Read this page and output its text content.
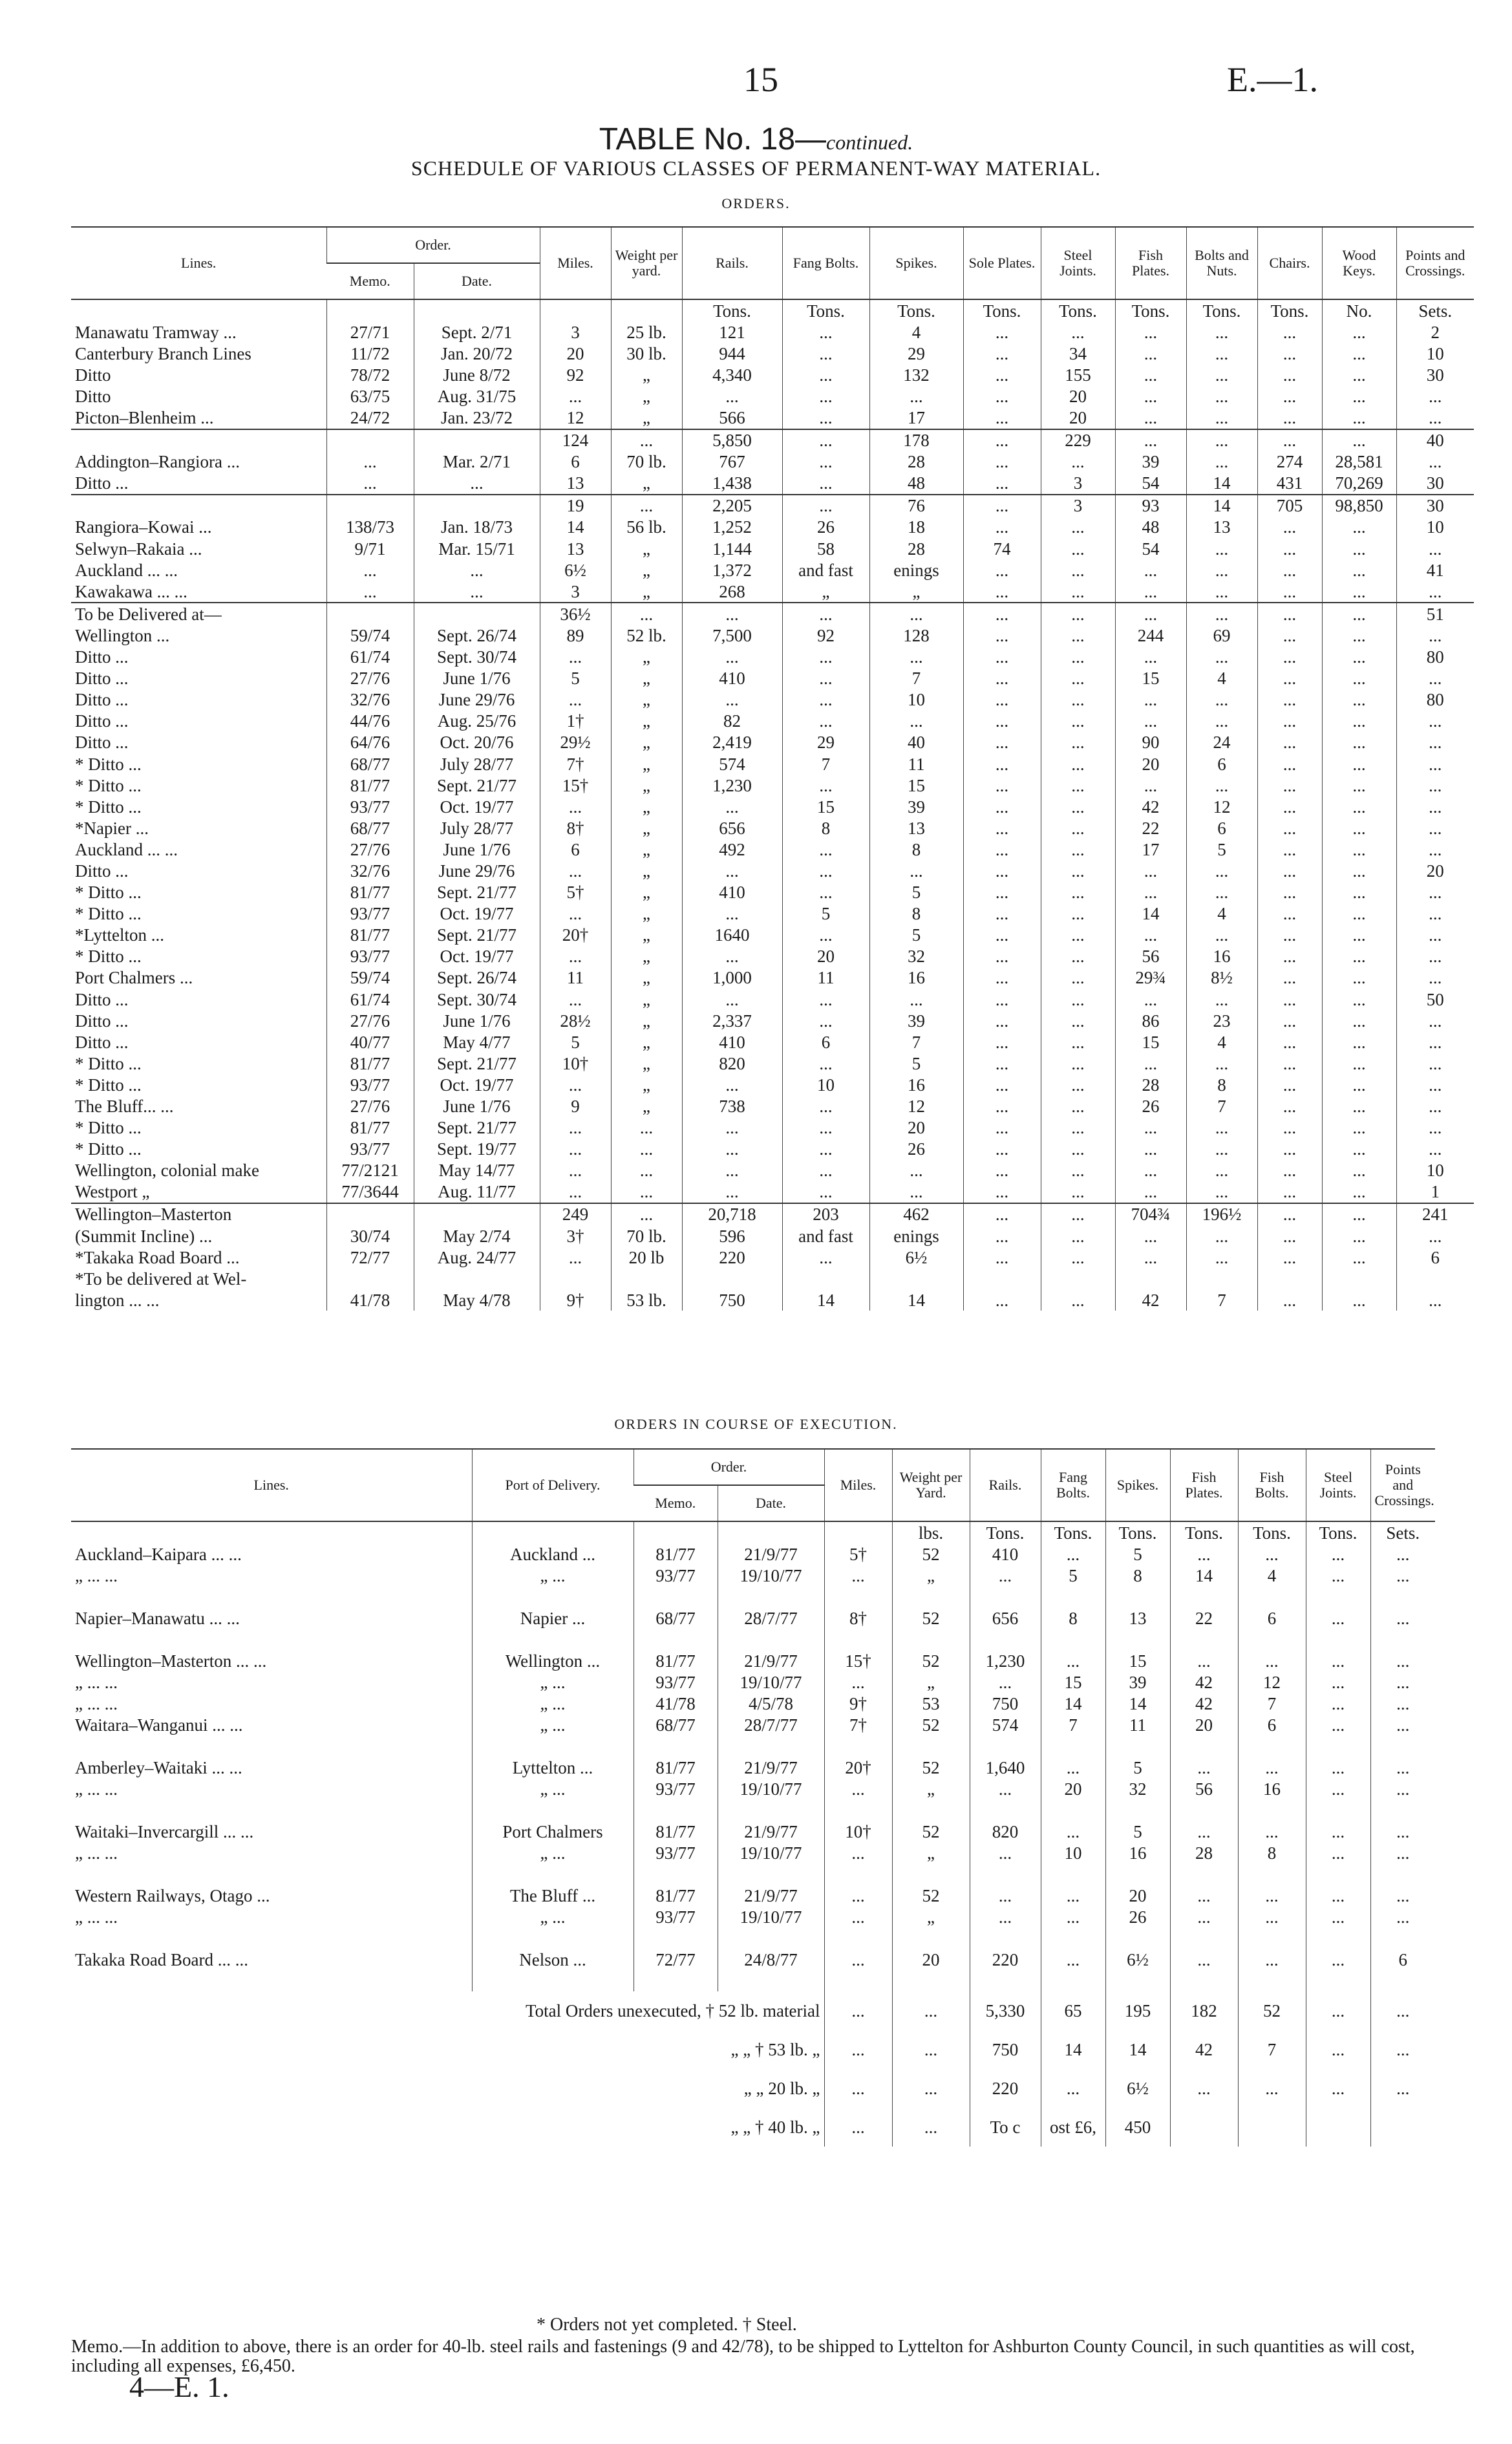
15	E.—1.
TABLE No. 18—continued.
SCHEDULE OF VARIOUS CLASSES OF PERMANENT-WAY MATERIAL.
ORDERS.
Lines.	Order.		Miles.	Weight per yard.	Rails.	Fang Bolts.	Spikes.	Sole Plates.	Steel Joints.	Fish Plates.	Bolts and Nuts.	Chairs.	Wood Keys.	Points and Crossings.
	Memo.	Date.												
					Tons.	Tons.	Tons.	Tons.	Tons.	Tons.	Tons.	Tons.	No.	Sets.
Manawatu Tramway ...	27/71	Sept. 2/71	3	25 lb.	121	...	4	...	...	...	...	...	...	2
Canterbury Branch Lines	11/72	Jan. 20/72	20	30 lb.	944	...	29	...	34	...	...	...	...	10
Ditto	78/72	June 8/72	92	„	4,340	...	132	...	155	...	...	...	...	30
Ditto	63/75	Aug. 31/75	...	„	...	...	...	...	20	...	...	...	...	...
Picton–Blenheim ...	24/72	Jan. 23/72	12	„	566	...	17	...	20	...	...	...	...	...
			124	...	5,850	...	178	...	229	...	...	...	...	40
Addington–Rangiora ...	...	Mar. 2/71	6	70 lb.	767	...	28	...	...	39	...	274	28,581	...
Ditto ...	...	...	13	„	1,438	...	48	...	3	54	14	431	70,269	30
			19	...	2,205	...	76	...	3	93	14	705	98,850	30
Rangiora–Kowai ...	138/73	Jan. 18/73	14	56 lb.	1,252	26	18	...	...	48	13	...	...	10
Selwyn–Rakaia ...	9/71	Mar. 15/71	13	„	1,144	58	28	74	...	54	...	...	...	...
Auckland ... ...	...	...	6½	„	1,372	and fast	enings	...	...	...	...	...	...	41
Kawakawa ... ...	...	...	3	„	268	„	„	...	...	...	...	...	...	...
To be Delivered at—			36½	...	...	...	...	...	...	...	...	...	...	51
Wellington ...	59/74	Sept. 26/74	89	52 lb.	7,500	92	128	...	...	244	69	...	...	...
Ditto ...	61/74	Sept. 30/74	...	„	...	...	...	...	...	...	...	...	...	80
Ditto ...	27/76	June 1/76	5	„	410	...	7	...	...	15	4	...	...	...
Ditto ...	32/76	June 29/76	...	„	...	...	10	...	...	...	...	...	...	80
Ditto ...	44/76	Aug. 25/76	1†	„	82	...	...	...	...	...	...	...	...	...
Ditto ...	64/76	Oct. 20/76	29½	„	2,419	29	40	...	...	90	24	...	...	...
* Ditto ...	68/77	July 28/77	7†	„	574	7	11	...	...	20	6	...	...	...
* Ditto ...	81/77	Sept. 21/77	15†	„	1,230	...	15	...	...	...	...	...	...	...
* Ditto ...	93/77	Oct. 19/77	...	„	...	15	39	...	...	42	12	...	...	...
*Napier ...	68/77	July 28/77	8†	„	656	8	13	...	...	22	6	...	...	...
Auckland ... ...	27/76	June 1/76	6	„	492	...	8	...	...	17	5	...	...	...
Ditto ...	32/76	June 29/76	...	„	...	...	...	...	...	...	...	...	...	20
* Ditto ...	81/77	Sept. 21/77	5†	„	410	...	5	...	...	...	...	...	...	...
* Ditto ...	93/77	Oct. 19/77	...	„	...	5	8	...	...	14	4	...	...	...
*Lyttelton ...	81/77	Sept. 21/77	20†	„	1640	...	5	...	...	...	...	...	...	...
* Ditto ...	93/77	Oct. 19/77	...	„	...	20	32	...	...	56	16	...	...	...
Port Chalmers ...	59/74	Sept. 26/74	11	„	1,000	11	16	...	...	29¾	8½	...	...	...
Ditto ...	61/74	Sept. 30/74	...	„	...	...	...	...	...	...	...	...	...	50
Ditto ...	27/76	June 1/76	28½	„	2,337	...	39	...	...	86	23	...	...	...
Ditto ...	40/77	May 4/77	5	„	410	6	7	...	...	15	4	...	...	...
* Ditto ...	81/77	Sept. 21/77	10†	„	820	...	5	...	...	...	...	...	...	...
* Ditto ...	93/77	Oct. 19/77	...	„	...	10	16	...	...	28	8	...	...	...
The Bluff... ...	27/76	June 1/76	9	„	738	...	12	...	...	26	7	...	...	...
* Ditto ...	81/77	Sept. 21/77	...	...	...	...	20	...	...	...	...	...	...	...
* Ditto ...	93/77	Sept. 19/77	...	...	...	...	26	...	...	...	...	...	...	...
Wellington, colonial make	77/2121	May 14/77	...	...	...	...	...	...	...	...	...	...	...	10
Westport „	77/3644	Aug. 11/77	...	...	...	...	...	...	...	...	...	...	...	1
Wellington–Masterton			249	...	20,718	203	462	...	...	704¾	196½	...	...	241
(Summit Incline) ...	30/74	May 2/74	3†	70 lb.	596	and fast	enings	...	...	...	...	...	...	...
*Takaka Road Board ...	72/77	Aug. 24/77	...	20 lb	220	...	6½	...	...	...	...	...	...	6
*To be delivered at Wel-														
lington ... ...	41/78	May 4/78	9†	53 lb.	750	14	14	...	...	42	7	...	...	...
ORDERS IN COURSE OF EXECUTION.
Lines.	Port of Delivery.	Order.		Miles.	Weight per Yard.	Rails.	Fang Bolts.	Spikes.	Fish Plates.	Fish Bolts.	Steel Joints.	Points and Crossings.
		Memo.	Date.									
					lbs.	Tons.	Tons.	Tons.	Tons.	Tons.	Tons.	Sets.
Auckland–Kaipara ... ...	Auckland ...	81/77	21/9/77	5†	52	410	...	5	...	...	...	...
„ ... ...	„ ...	93/77	19/10/77	...	„	...	5	8	14	4	...	...

Napier–Manawatu ... ...	Napier ...	68/77	28/7/77	8†	52	656	8	13	22	6	...	...

Wellington–Masterton ... ...	Wellington ...	81/77	21/9/77	15†	52	1,230	...	15	...	...	...	...
„ ... ...	„ ...	93/77	19/10/77	...	„	...	15	39	42	12	...	...
„ ... ...	„ ...	41/78	4/5/78	9†	53	750	14	14	42	7	...	...
Waitara–Wanganui ... ...	„ ...	68/77	28/7/77	7†	52	574	7	11	20	6	...	...

Amberley–Waitaki ... ...	Lyttelton ...	81/77	21/9/77	20†	52	1,640	...	5	...	...	...	...
„ ... ...	„ ...	93/77	19/10/77	...	„	...	20	32	56	16	...	...

Waitaki–Invercargill ... ...	Port Chalmers	81/77	21/9/77	10†	52	820	...	5	...	...	...	...
„ ... ...	„ ...	93/77	19/10/77	...	„	...	10	16	28	8	...	...

Western Railways, Otago ...	The Bluff ...	81/77	21/9/77	...	52	...	...	20	...	...	...	...
„ ... ...	„ ...	93/77	19/10/77	...	„	...	...	26	...	...	...	...

Takaka Road Board ... ...	Nelson ...	72/77	24/8/77	...	20	220	...	6½	...	...	...	6

Total Orders unexecuted, † 52 lb. material				...	...	5,330	65	195	182	52	...	...
„ „ † 53 lb. „				...	...	750	14	14	42	7	...	...
„ „ 20 lb. „				...	...	220	...	6½	...	...	...	...
„ „ † 40 lb. „				...	...	To c	ost £6,	450				
* Orders not yet completed. † Steel.
Memo.—In addition to above, there is an order for 40-lb. steel rails and fastenings (9 and 42/78), to be shipped to Lyttelton for Ashburton County Council, in such quantities as will cost, including all expenses, £6,450.
4—E. 1.
